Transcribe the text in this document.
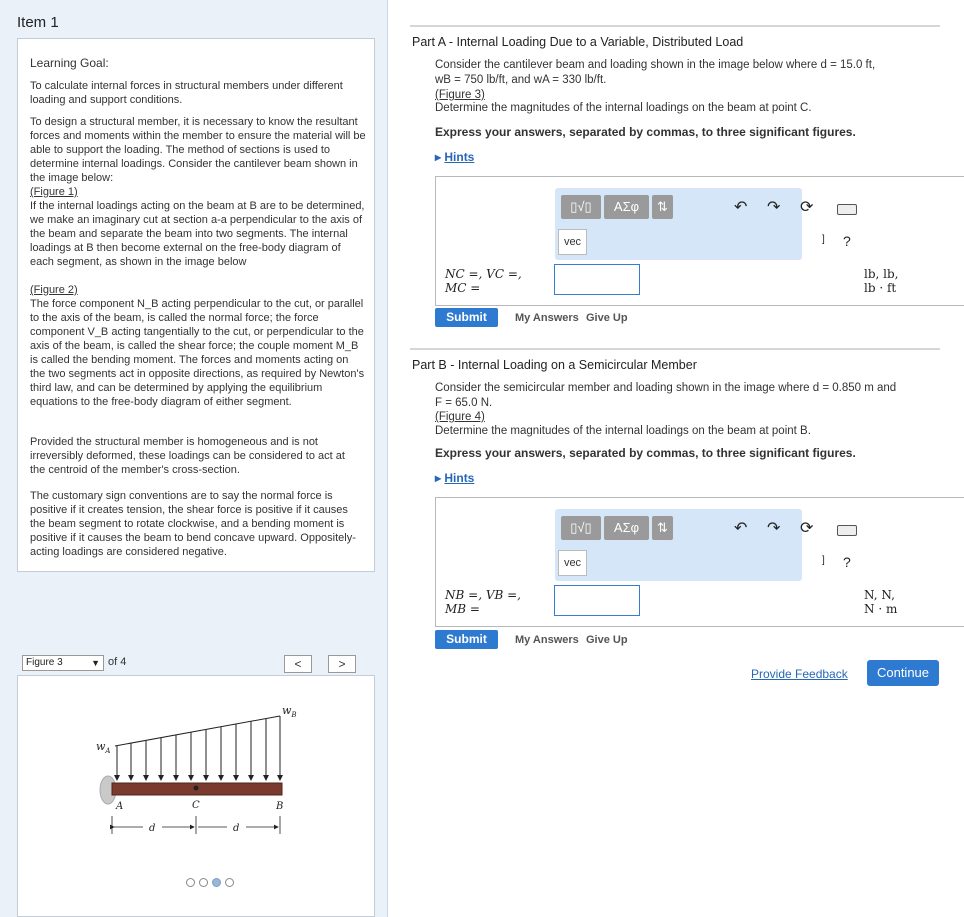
Item 1
Learning Goal:
To calculate internal forces in structural members under different loading and support conditions.
To design a structural member, it is necessary to know the resultant forces and moments within the member to ensure the material will be able to support the loading. The method of sections is used to determine internal loadings. Consider the cantilever beam shown in the image below:
(Figure 1)
If the internal loadings acting on the beam at B are to be determined, we make an imaginary cut at section a-a perpendicular to the axis of the beam and separate the beam into two segments. The internal loadings at B then become external on the free-body diagram of each segment, as shown in the image below
(Figure 2)
The force component N_B acting perpendicular to the cut, or parallel to the axis of the beam, is called the normal force; the force component V_B acting tangentially to the cut, or perpendicular to the axis of the beam, is called the shear force; the couple moment M_B is called the bending moment. The forces and moments acting on the two segments act in opposite directions, as required by Newton's third law, and can be determined by applying the equilibrium equations to the free-body diagram of either segment.
Provided the structural member is homogeneous and is not irreversibly deformed, these loadings can be considered to act at the centroid of the member's cross-section.
The customary sign conventions are to say the normal force is positive if it creates tension, the shear force is positive if it causes the beam segment to rotate clockwise, and a bending moment is positive if it causes the beam to bend concave upward. Oppositely-acting loadings are considered negative.
Figure 3	▼ of 4	<	>
$w_A$
$w_B$
A	C	B
d	d
Part A - Internal Loading Due to a Variable, Distributed Load
Consider the cantilever beam and loading shown in the image below where d = 15.0 ft,
wB = 750 lb/ft, and wA = 330 lb/ft.
(Figure 3)
Determine the magnitudes of the internal loadings on the beam at point C.
Express your answers, separated by commas, to three significant figures.
▸ Hints
▯√▯	ΑΣφ	⇅
vec
↶ ↷ ⟳
] ?
NC =, VC =,
MC =
lb, lb,
lb · ft
Submit	My Answers Give Up
Part B - Internal Loading on a Semicircular Member
Consider the semicircular member and loading shown in the image where d = 0.850 m and
F = 65.0 N.
(Figure 4)
Determine the magnitudes of the internal loadings on the beam at point B.
Express your answers, separated by commas, to three significant figures.
▸ Hints
▯√▯	ΑΣφ	⇅
vec
↶ ↷ ⟳
] ?
NB =, VB =,
MB =
N, N,
N · m
Submit	My Answers Give Up
Provide Feedback	Continue
